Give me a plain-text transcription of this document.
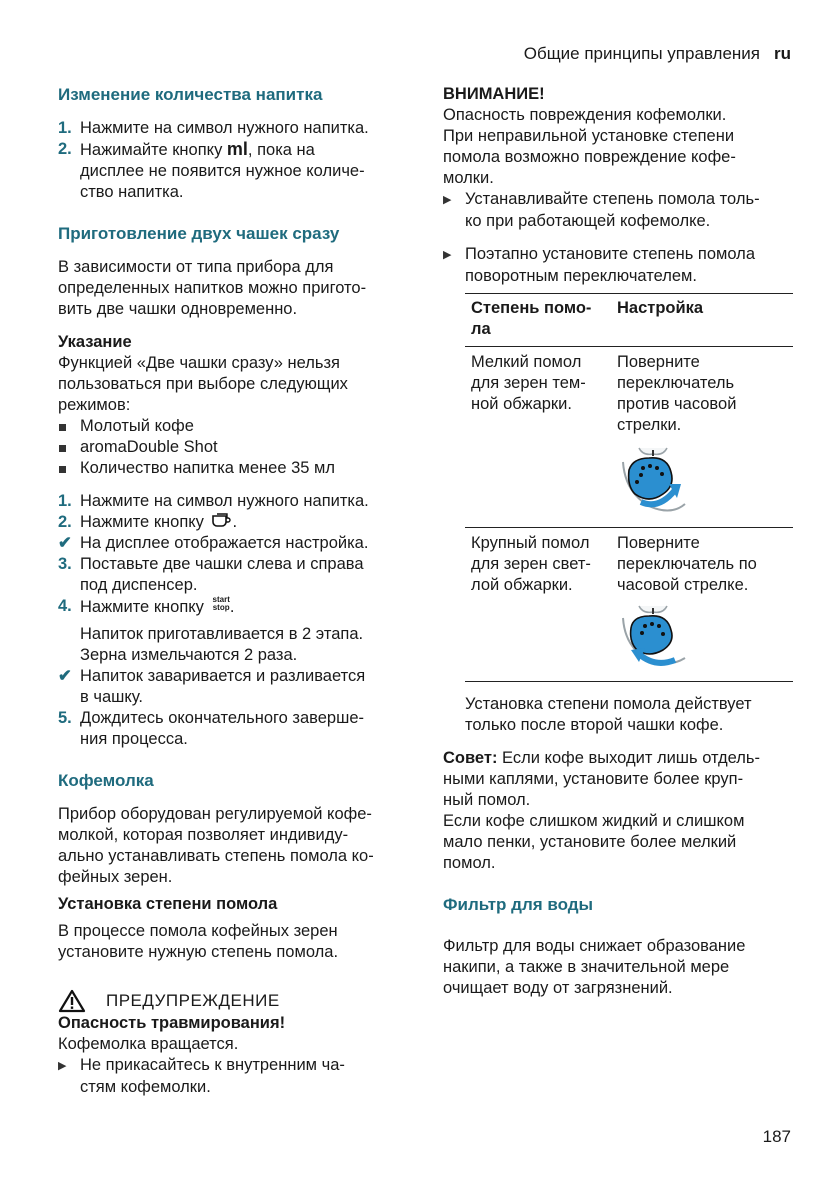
Общие принципы управления ru
Изменение количества напитка
1. Нажмите на символ нужного напитка.
2. Нажимайте кнопку ml, пока на
дисплее не появится нужное количе-
ство напитка.
Приготовление двух чашек сразу

В зависимости от типа прибора для

определенных напитков можно пригото-

вить две чашки одновременно.

Указание

Функцией «Две чашки сразу» нельзя

пользоваться при выборе следующих

режимов:

Молотый кофе
aromaDouble Shot
Количество напитка менее 35 мл
1. Нажмите на символ нужного напитка.
2. Нажмите кнопку .
✔ На дисплее отображается настройка.
3. Поставьте две чашки слева и справа
под диспенсер.
4. Нажмите кнопку start
stop.
Напиток приготавливается в 2 этапа.
Зерна измельчаются 2 раза.
✔ Напиток заваривается и разливается
в чашку.
5. Дождитесь окончательного заверше-
ния процесса.
Кофемолка

Прибор оборудован регулируемой кофе-

молкой, которая позволяет индивиду-

ально устанавливать степень помола ко-

фейных зерен.

Установка степени помола

В процессе помола кофейных зерен

установите нужную степень помола.

ПРЕДУПРЕЖДЕНИЕ
Опасность травмирования!

Кофемолка вращается.

▶ Не прикасайтесь к внутренним ча-
стям кофемолки.
ВНИМАНИЕ!

Опасность повреждения кофемолки.

При неправильной установке степени

помола возможно повреждение кофе-

молки.

▶ Устанавливайте степень помола толь-
ко при работающей кофемолке.
▶ Поэтапно установите степень помола
поворотным переключателем.
Степень помо-
ла
Настройка
Мелкий помол
для зерен тем-
ной обжарки.
Поверните
переключатель
против часовой
стрелки.
Крупный помол
для зерен свет-
лой обжарки.
Поверните
переключатель по
часовой стрелке.
Установка степени помола действует
только после второй чашки кофе.

Совет: Если кофе выходит лишь отдель-

ными каплями, установите более круп-

ный помол.

Если кофе слишком жидкий и слишком

мало пенки, установите более мелкий

помол.

Фильтр для воды

Фильтр для воды снижает образование

накипи, а также в значительной мере

очищает воду от загрязнений.

187
